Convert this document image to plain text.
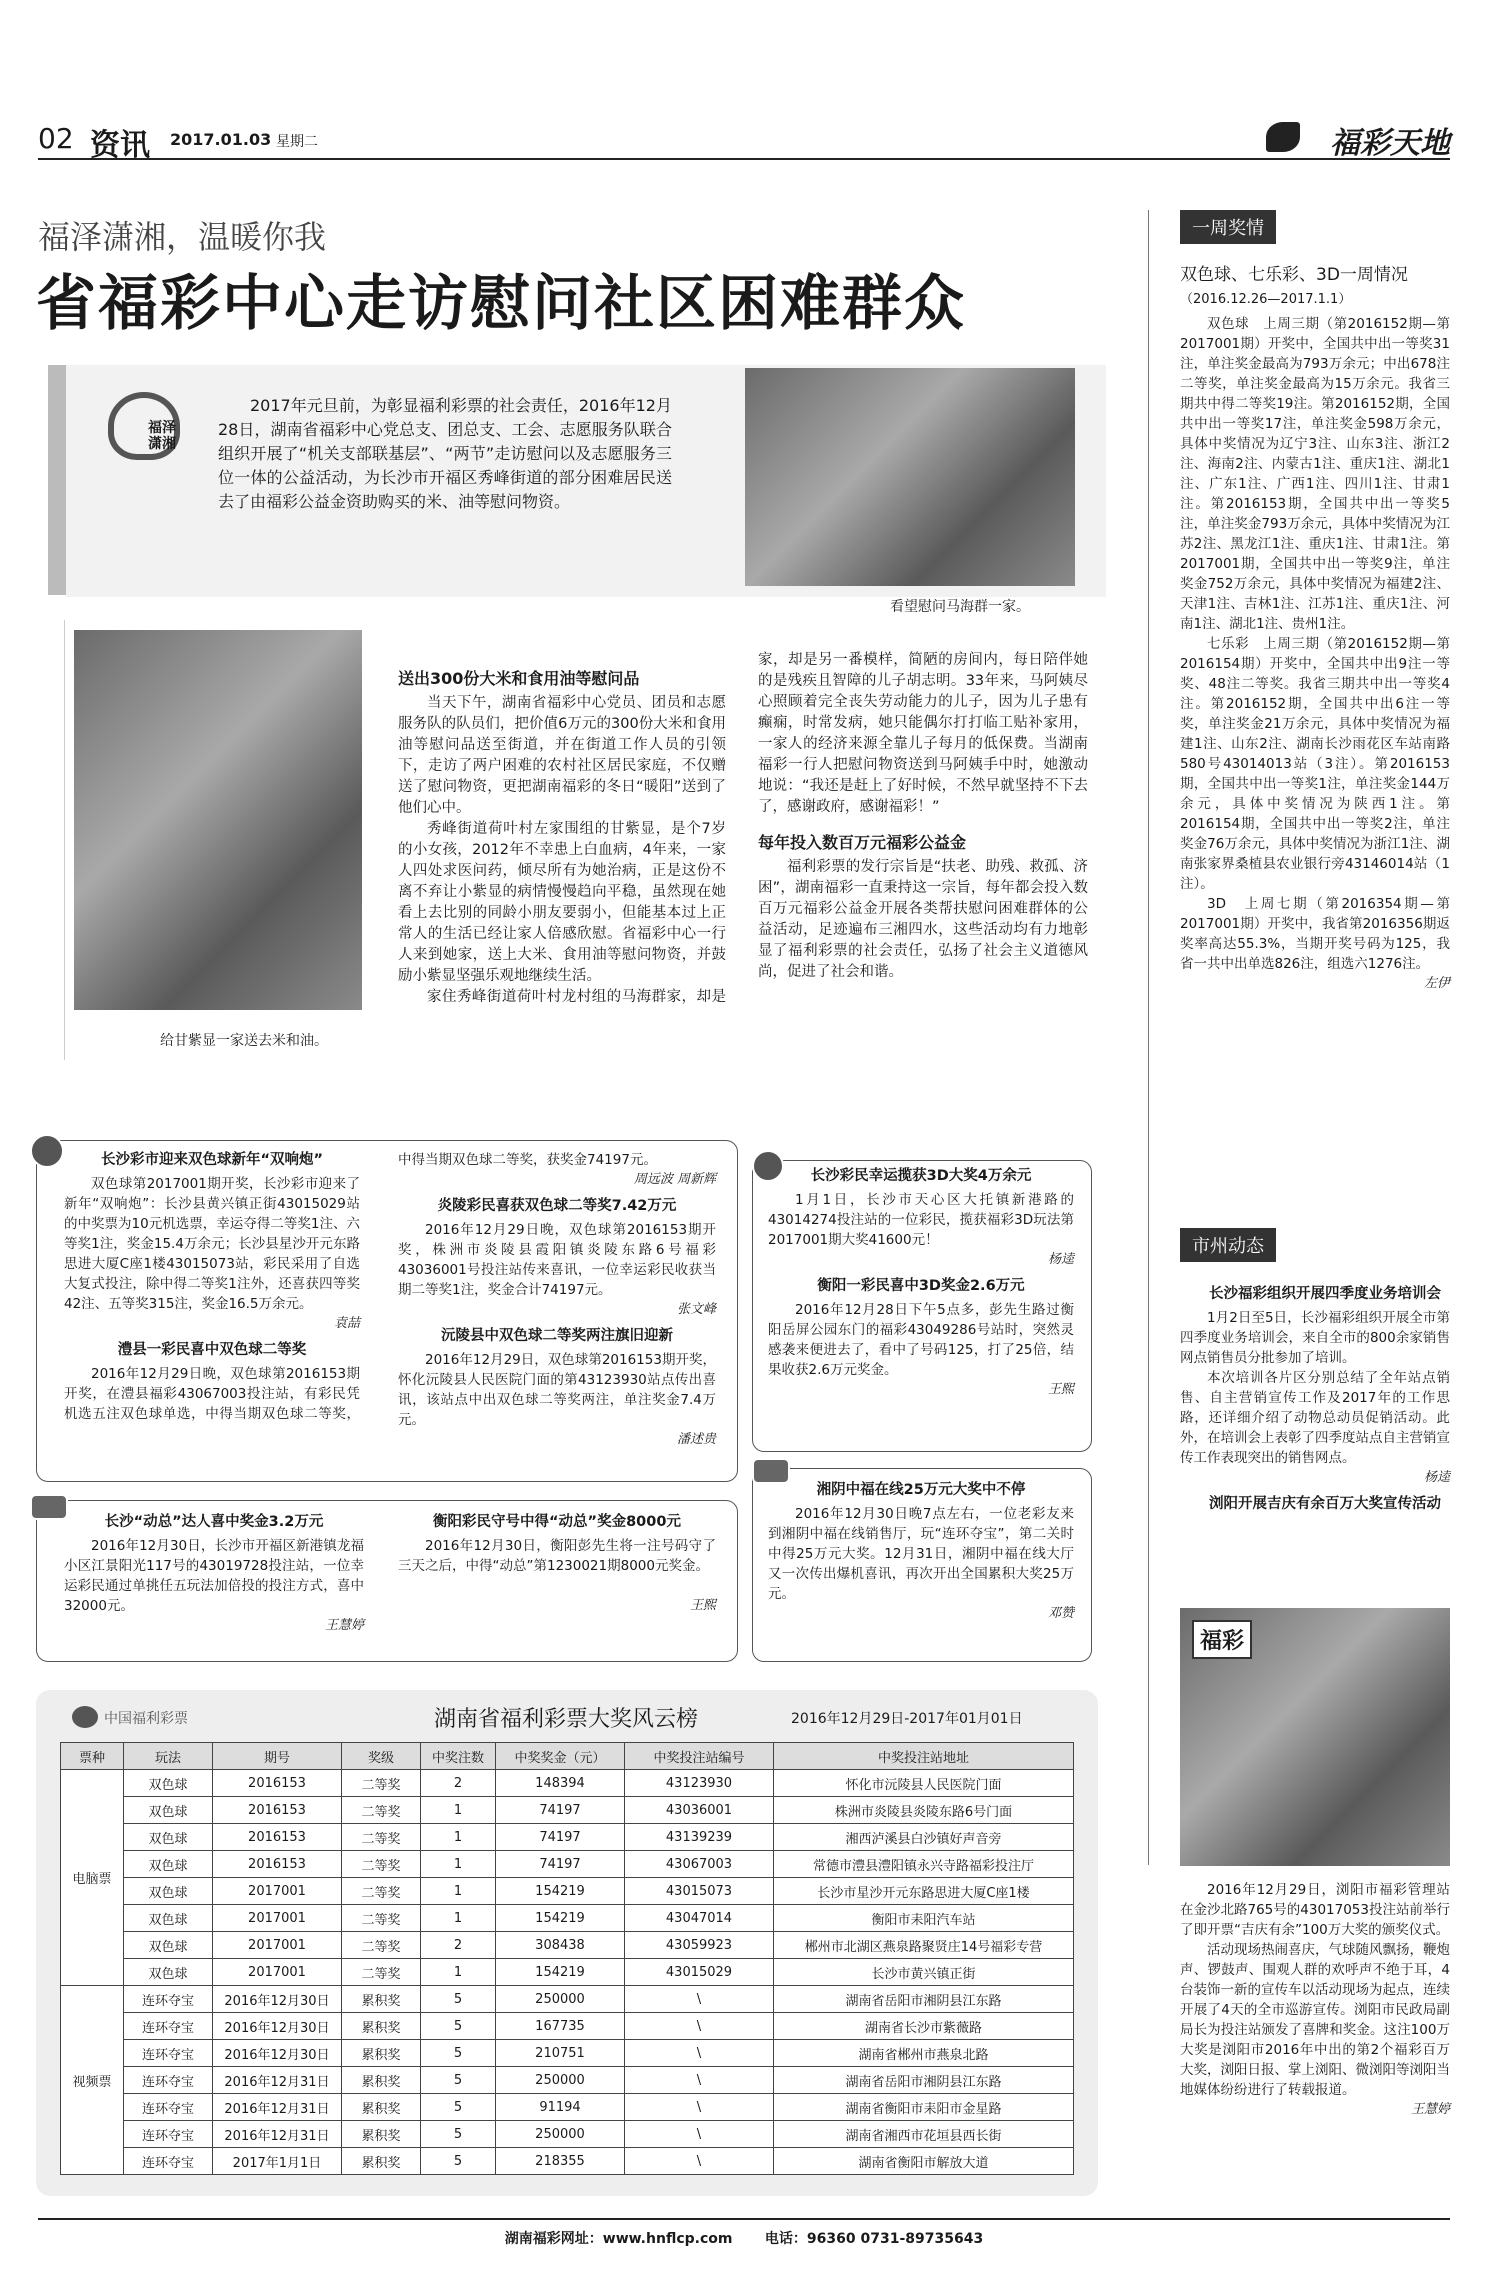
02 资讯 2017.01.03 星期二	福彩天地
福泽潇湘，温暖你我
省福彩中心走访慰问社区困难群众
福泽潇湘

2017年元旦前，为彰显福利彩票的社会责任，2016年12月28日，湖南省福彩中心党总支、团总支、工会、志愿服务队联合组织开展了“机关支部联基层”、“两节”走访慰问以及志愿服务三位一体的公益活动，为长沙市开福区秀峰街道的部分困难居民送去了由福彩公益金资助购买的米、油等慰问物资。

看望慰问马海群一家。
给甘紫显一家送去米和油。
送出300份大米和食用油等慰问品

当天下午，湖南省福彩中心党员、团员和志愿服务队的队员们，把价值6万元的300份大米和食用油等慰问品送至街道，并在街道工作人员的引领下，走访了两户困难的农村社区居民家庭，不仅赠送了慰问物资，更把湖南福彩的冬日“暖阳”送到了他们心中。

秀峰街道荷叶村左家围组的甘紫显，是个7岁的小女孩，2012年不幸患上白血病，4年来，一家人四处求医问药，倾尽所有为她治病，正是这份不离不弃让小紫显的病情慢慢趋向平稳，虽然现在她看上去比别的同龄小朋友要弱小，但能基本过上正常人的生活已经让家人倍感欣慰。省福彩中心一行人来到她家，送上大米、食用油等慰问物资，并鼓励小紫显坚强乐观地继续生活。

家住秀峰街道荷叶村龙村组的马海群家，却是

家，却是另一番模样，简陋的房间内，每日陪伴她的是残疾且智障的儿子胡志明。33年来，马阿姨尽心照顾着完全丧失劳动能力的儿子，因为儿子患有癫痫，时常发病，她只能偶尔打打临工贴补家用，一家人的经济来源全靠儿子每月的低保费。当湖南福彩一行人把慰问物资送到马阿姨手中时，她激动地说：“我还是赶上了好时候，不然早就坚持不下去了，感谢政府，感谢福彩！”

每年投入数百万元福彩公益金

福利彩票的发行宗旨是“扶老、助残、救孤、济困”，湖南福彩一直秉持这一宗旨，每年都会投入数百万元福彩公益金开展各类帮扶慰问困难群体的公益活动，足迹遍布三湘四水，这些活动均有力地彰显了福利彩票的社会责任，弘扬了社会主义道德风尚，促进了社会和谐。

一周奖情
双色球、七乐彩、3D一周情况
（2016.12.26—2017.1.1）

双色球　上周三期（第2016152期—第2017001期）开奖中，全国共中出一等奖31注，单注奖金最高为793万余元；中出678注二等奖，单注奖金最高为15万余元。我省三期共中得二等奖19注。第2016152期，全国共中出一等奖17注，单注奖金598万余元，具体中奖情况为辽宁3注、山东3注、浙江2注、海南2注、内蒙古1注、重庆1注、湖北1注、广东1注、广西1注、四川1注、甘肃1注。第2016153期，全国共中出一等奖5注，单注奖金793万余元，具体中奖情况为江苏2注、黑龙江1注、重庆1注、甘肃1注。第2017001期，全国共中出一等奖9注，单注奖金752万余元，具体中奖情况为福建2注、天津1注、吉林1注、江苏1注、重庆1注、河南1注、湖北1注、贵州1注。

七乐彩　上周三期（第2016152期—第2016154期）开奖中，全国共中出9注一等奖、48注二等奖。我省三期共中出一等奖4注。第2016152期，全国共中出6注一等奖，单注奖金21万余元，具体中奖情况为福建1注、山东2注、湖南长沙雨花区车站南路580号43014013站（3注）。第2016153期，全国共中出一等奖1注，单注奖金144万余元，具体中奖情况为陕西1注。第2016154期，全国共中出一等奖2注，单注奖金76万余元，具体中奖情况为浙江1注、湖南张家界桑植县农业银行旁43146014站（1注）。

3D　上周七期（第2016354期—第2017001期）开奖中，我省第2016356期返奖率高达55.3%，当期开奖号码为125，我省一共中出单选826注，组选六1276注。

左伊
市州动态
长沙福彩组织开展四季度业务培训会

1月2日至5日，长沙福彩组织开展全市第四季度业务培训会，来自全市的800余家销售网点销售员分批参加了培训。

本次培训各片区分别总结了全年站点销售、自主营销宣传工作及2017年的工作思路，还详细介绍了动物总动员促销活动。此外，在培训会上表彰了四季度站点自主营销宣传工作表现突出的销售网点。

杨逵
浏阳开展吉庆有余百万大奖宣传活动
福彩

2016年12月29日，浏阳市福彩管理站在金沙北路765号的43017053投注站前举行了即开票“吉庆有余”100万大奖的颁奖仪式。

活动现场热闹喜庆，气球随风飘扬，鞭炮声、锣鼓声、围观人群的欢呼声不绝于耳，4台装饰一新的宣传车以活动现场为起点，连续开展了4天的全市巡游宣传。浏阳市民政局副局长为投注站颁发了喜牌和奖金。这注100万大奖是浏阳市2016年中出的第2个福彩百万大奖，浏阳日报、掌上浏阳、微浏阳等浏阳当地媒体纷纷进行了转载报道。

王慧婷
长沙彩市迎来双色球新年“双响炮”

双色球第2017001期开奖，长沙彩市迎来了新年“双响炮”：长沙县黄兴镇正街43015029站的中奖票为10元机选票，幸运夺得二等奖1注、六等奖1注，奖金15.4万余元；长沙县星沙开元东路思进大厦C座1楼43015073站，彩民采用了自选大复式投注，除中得二等奖1注外，还喜获四等奖42注、五等奖315注，奖金16.5万余元。

袁喆
澧县一彩民喜中双色球二等奖

2016年12月29日晚，双色球第2016153期开奖，在澧县福彩43067003投注站，有彩民凭机选五注双色球单选，中得当期双色球二等奖，

中得当期双色球二等奖，获奖金74197元。

周远波 周新辉
炎陵彩民喜获双色球二等奖7.42万元

2016年12月29日晚，双色球第2016153期开奖，株洲市炎陵县霞阳镇炎陵东路6号福彩43036001号投注站传来喜讯，一位幸运彩民收获当期二等奖1注，奖金合计74197元。

张文峰
沅陵县中双色球二等奖两注旗旧迎新

2016年12月29日，双色球第2016153期开奖，怀化沅陵县人民医院门面的第43123930站点传出喜讯，该站点中出双色球二等奖两注，单注奖金7.4万元。

潘述贵
长沙彩民幸运揽获3D大奖4万余元

1月1日，长沙市天心区大托镇新港路的43014274投注站的一位彩民，揽获福彩3D玩法第2017001期大奖41600元！

杨逵
衡阳一彩民喜中3D奖金2.6万元

2016年12月28日下午5点多，彭先生路过衡阳岳屏公园东门的福彩43049286号站时，突然灵感袭来便进去了，看中了号码125，打了25倍，结果收获2.6万元奖金。

王熙
长沙“动总”达人喜中奖金3.2万元

2016年12月30日，长沙市开福区新港镇龙福小区江景阳光117号的43019728投注站，一位幸运彩民通过单挑任五玩法加倍投的投注方式，喜中32000元。

王慧婷
衡阳彩民守号中得“动总”奖金8000元

2016年12月30日，衡阳彭先生将一注号码守了三天之后，中得“动总”第1230021期8000元奖金。

王熙
湘阴中福在线25万元大奖中不停

2016年12月30日晚7点左右，一位老彩友来到湘阴中福在线销售厅，玩“连环夺宝”，第二关时中得25万元大奖。12月31日，湘阴中福在线大厅又一次传出爆机喜讯，再次开出全国累积大奖25万元。

邓赞
中国福利彩票	湖南省福利彩票大奖风云榜	2016年12月29日-2017年01月01日
票种	玩法	期号	奖级	中奖注数	中奖奖金（元）	中奖投注站编号	中奖投注站地址
电脑票	双色球	2016153	二等奖	2	148394	43123930	怀化市沅陵县人民医院门面
	双色球	2016153	二等奖	1	74197	43036001	株洲市炎陵县炎陵东路6号门面
	双色球	2016153	二等奖	1	74197	43139239	湘西泸溪县白沙镇好声音旁
	双色球	2016153	二等奖	1	74197	43067003	常德市澧县澧阳镇永兴寺路福彩投注厅
	双色球	2017001	二等奖	1	154219	43015073	长沙市星沙开元东路思进大厦C座1楼
	双色球	2017001	二等奖	1	154219	43047014	衡阳市耒阳汽车站
	双色球	2017001	二等奖	2	308438	43059923	郴州市北湖区燕泉路聚贤庄14号福彩专营
	双色球	2017001	二等奖	1	154219	43015029	长沙市黄兴镇正街
视频票	连环夺宝	2016年12月30日	累积奖	5	250000	\	湖南省岳阳市湘阴县江东路
	连环夺宝	2016年12月30日	累积奖	5	167735	\	湖南省长沙市紫薇路
	连环夺宝	2016年12月30日	累积奖	5	210751	\	湖南省郴州市燕泉北路
	连环夺宝	2016年12月31日	累积奖	5	250000	\	湖南省岳阳市湘阴县江东路
	连环夺宝	2016年12月31日	累积奖	5	91194	\	湖南省衡阳市耒阳市金星路
	连环夺宝	2016年12月31日	累积奖	5	250000	\	湖南省湘西市花垣县西长街
	连环夺宝	2017年1月1日	累积奖	5	218355	\	湖南省衡阳市解放大道
湖南福彩网址：www.hnflcp.com 电话：96360 0731-89735643
